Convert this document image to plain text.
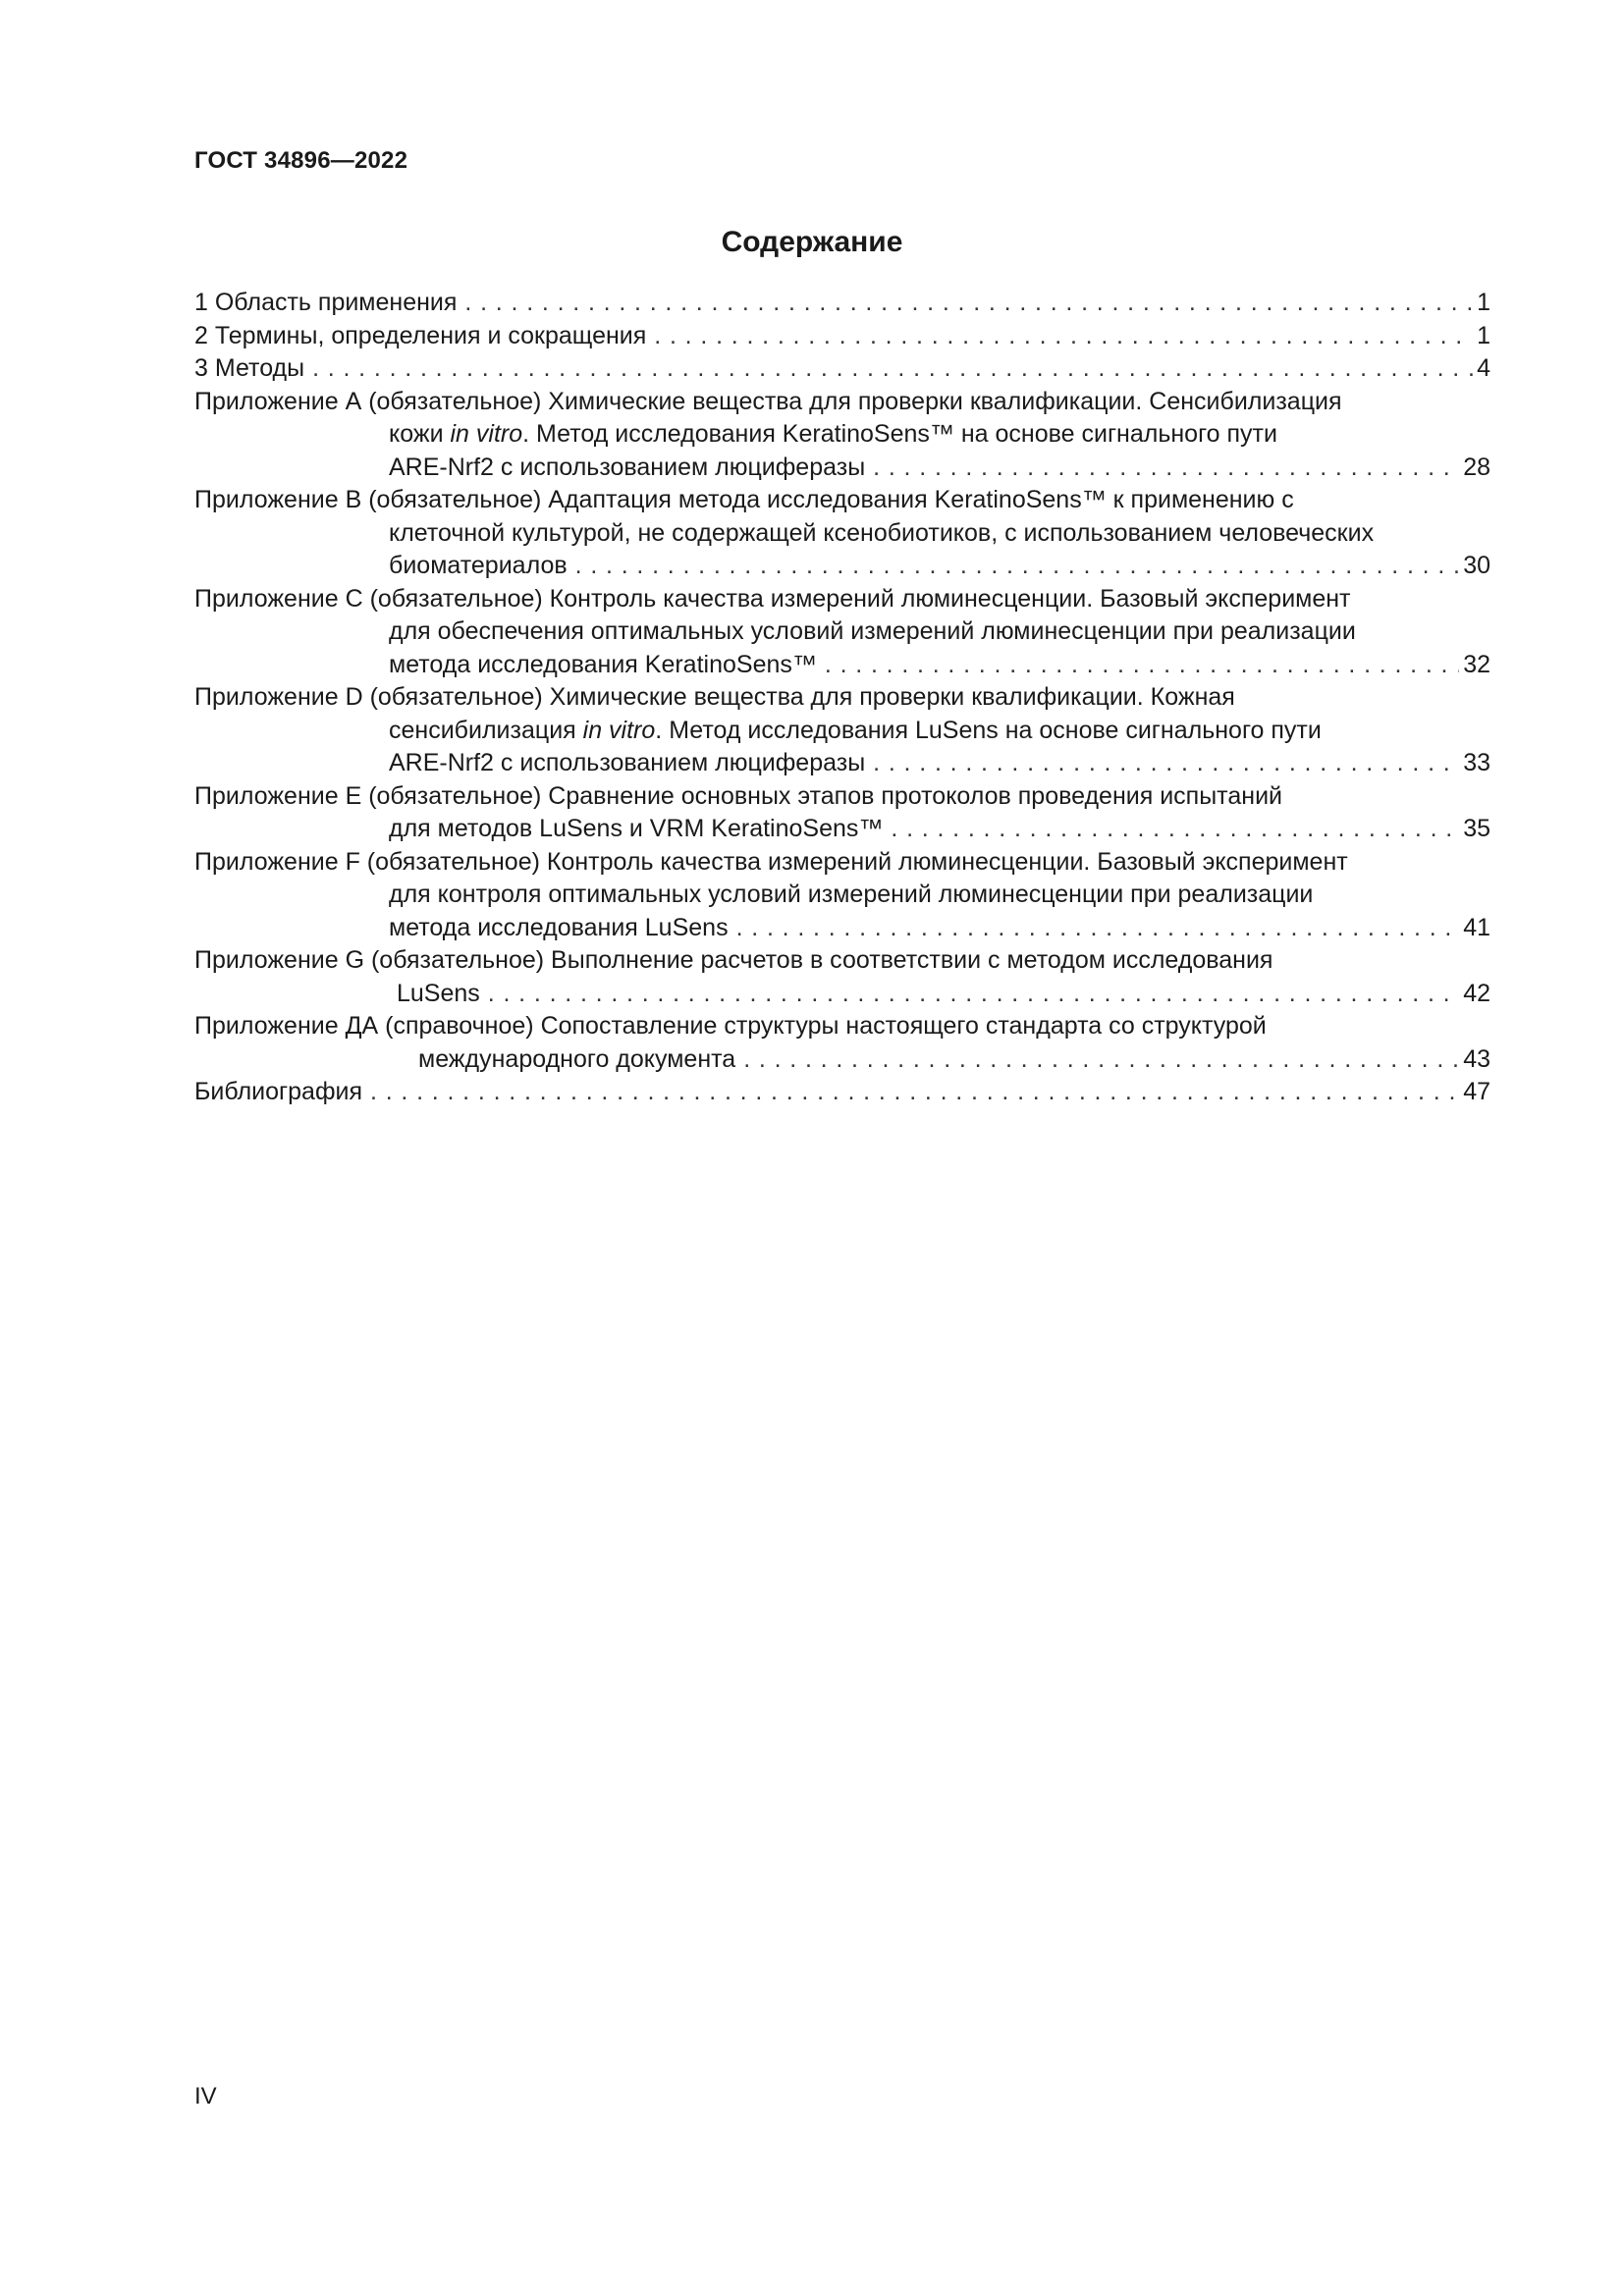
ГОСТ 34896—2022
Содержание
1 Область применения . . .	1
2 Термины, определения и сокращения . . .	1
3 Методы . . .	4
Приложение А (обязательное) Химические вещества для проверки квалификации. Сенсибилизация
кожи in vitro. Метод исследования KeratinoSens™ на основе сигнального пути
ARE-Nrf2 с использованием люциферазы . . .	28
Приложение В (обязательное) Адаптация метода исследования KeratinoSens™ к применению с
клеточной культурой, не содержащей ксенобиотиков, с использованием человеческих
биоматериалов . . .	30
Приложение С (обязательное) Контроль качества измерений люминесценции. Базовый эксперимент
для обеспечения оптимальных условий измерений люминесценции при реализации
метода исследования KeratinoSens™ . . .	32
Приложение D (обязательное) Химические вещества для проверки квалификации. Кожная
сенсибилизация in vitro. Метод исследования LuSens на основе сигнального пути
ARE-Nrf2 с использованием люциферазы . . .	33
Приложение Е (обязательное) Сравнение основных этапов протоколов проведения испытаний
для методов LuSens и VRM KeratinoSens™ . . .	35
Приложение F (обязательное) Контроль качества измерений люминесценции. Базовый эксперимент
для контроля оптимальных условий измерений люминесценции при реализации
метода исследования LuSens . . .	41
Приложение G (обязательное) Выполнение расчетов в соответствии с методом исследования
LuSens . . .	42
Приложение ДА (справочное) Сопоставление структуры настоящего стандарта со структурой
международного документа . . .	43
Библиография . . .	47
IV
